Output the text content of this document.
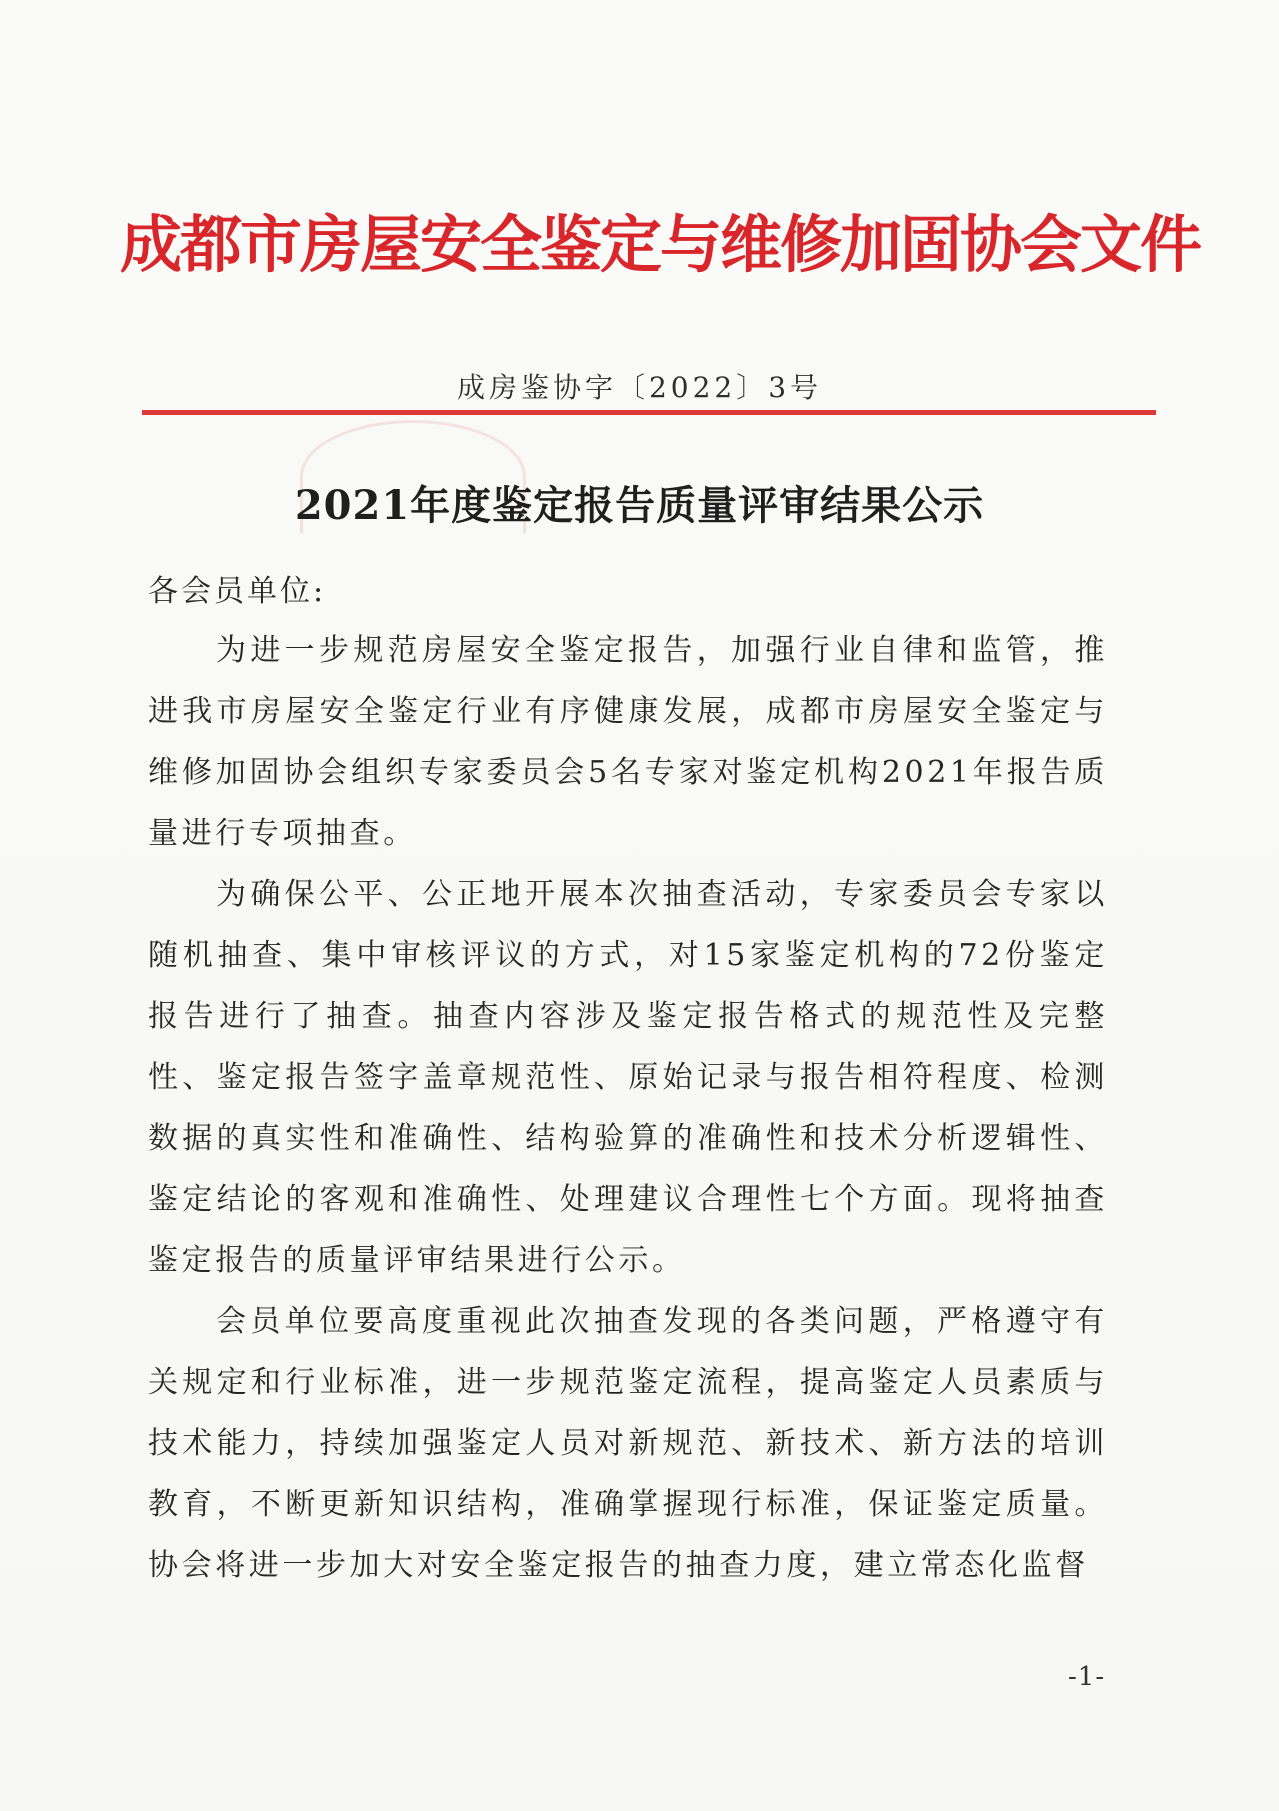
成都市房屋安全鉴定与维修加固协会文件
成房鉴协字〔2022〕3号
2021年度鉴定报告质量评审结果公示
各会员单位:

为进一步规范房屋安全鉴定报告，加强行业自律和监管，推进我市房屋安全鉴定行业有序健康发展，成都市房屋安全鉴定与维修加固协会组织专家委员会5名专家对鉴定机构2021年报告质量进行专项抽查。

为确保公平、公正地开展本次抽查活动，专家委员会专家以随机抽查、集中审核评议的方式，对15家鉴定机构的72份鉴定报告进行了抽查。抽查内容涉及鉴定报告格式的规范性及完整性、鉴定报告签字盖章规范性、原始记录与报告相符程度、检测数据的真实性和准确性、结构验算的准确性和技术分析逻辑性、鉴定结论的客观和准确性、处理建议合理性七个方面。现将抽查鉴定报告的质量评审结果进行公示。

会员单位要高度重视此次抽查发现的各类问题，严格遵守有关规定和行业标准，进一步规范鉴定流程，提高鉴定人员素质与技术能力，持续加强鉴定人员对新规范、新技术、新方法的培训教育，不断更新知识结构，准确掌握现行标准，保证鉴定质量。协会将进一步加大对安全鉴定报告的抽查力度，建立常态化监督

-1-
